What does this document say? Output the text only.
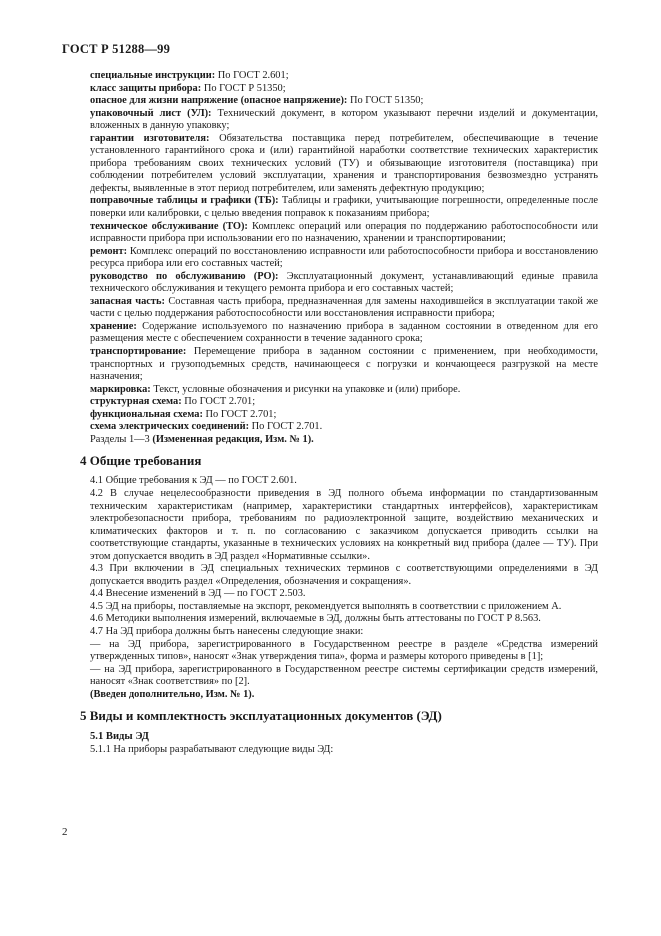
ГОСТ Р 51288—99

специальные инструкции: По ГОСТ 2.601;

класс защиты прибора: По ГОСТ Р 51350;

опасное для жизни напряжение (опасное напряжение): По ГОСТ 51350;

упаковочный лист (УЛ): Технический документ, в котором указывают перечни изделий и документации, вложенных в данную упаковку;

гарантии изготовителя: Обязательства поставщика перед потребителем, обеспечивающие в течение установленного гарантийного срока и (или) гарантийной наработки соответствие технических характеристик прибора требованиям своих технических условий (ТУ) и обязывающие изготовителя (поставщика) при соблюдении потребителем условий эксплуатации, хранения и транспортирования безвозмездно устранять дефекты, выявленные в этот период потребителем, или заменять дефектную продукцию;

поправочные таблицы и графики (ТБ): Таблицы и графики, учитывающие погрешности, определенные после поверки или калибровки, с целью введения поправок к показаниям прибора;

техническое обслуживание (ТО): Комплекс операций или операция по поддержанию работоспособности или исправности прибора при использовании его по назначению, хранении и транспортировании;

ремонт: Комплекс операций по восстановлению исправности или работоспособности прибора и восстановлению ресурса прибора или его составных частей;

руководство по обслуживанию (РО): Эксплуатационный документ, устанавливающий единые правила технического обслуживания и текущего ремонта прибора и его составных частей;

запасная часть: Составная часть прибора, предназначенная для замены находившейся в эксплуатации такой же части с целью поддержания работоспособности или восстановления исправности прибора;

хранение: Содержание используемого по назначению прибора в заданном состоянии в отведенном для его размещения месте с обеспечением сохранности в течение заданного срока;

транспортирование: Перемещение прибора в заданном состоянии с применением, при необходимости, транспортных и грузоподъемных средств, начинающееся с погрузки и кончающееся разгрузкой на месте назначения;

маркировка: Текст, условные обозначения и рисунки на упаковке и (или) приборе.

структурная схема: По ГОСТ 2.701;

функциональная схема: По ГОСТ 2.701;

схема электрических соединений: По ГОСТ 2.701.

Разделы 1—3 (Измененная редакция, Изм. № 1).

4 Общие требования

4.1 Общие требования к ЭД — по ГОСТ 2.601.

4.2 В случае нецелесообразности приведения в ЭД полного объема информации по стандартизованным техническим характеристикам (например, характеристики стандартных интерфейсов), характеристикам электробезопасности прибора, требованиям по радиоэлектронной защите, воздействию механических и климатических факторов и т. п. по согласованию с заказчиком допускается приводить ссылки на соответствующие стандарты, указанные в технических условиях на конкретный вид прибора (далее — ТУ). При этом допускается вводить в ЭД раздел «Нормативные ссылки».

4.3 При включении в ЭД специальных технических терминов с соответствующими определениями в ЭД допускается вводить раздел «Определения, обозначения и сокращения».

4.4 Внесение изменений в ЭД — по ГОСТ 2.503.

4.5 ЭД на приборы, поставляемые на экспорт, рекомендуется выполнять в соответствии с приложением А.

4.6 Методики выполнения измерений, включаемые в ЭД, должны быть аттестованы по ГОСТ Р 8.563.

4.7 На ЭД прибора должны быть нанесены следующие знаки:

— на ЭД прибора, зарегистрированного в Государственном реестре в разделе «Средства измерений утвержденных типов», наносят «Знак утверждения типа», форма и размеры которого приведены в [1];

— на ЭД прибора, зарегистрированного в Государственном реестре системы сертификации средств измерений, наносят «Знак соответствия» по [2].

(Введен дополнительно, Изм. № 1).

5 Виды и комплектность эксплуатационных документов (ЭД)
5.1 Виды ЭД

5.1.1 На приборы разрабатывают следующие виды ЭД:

2
